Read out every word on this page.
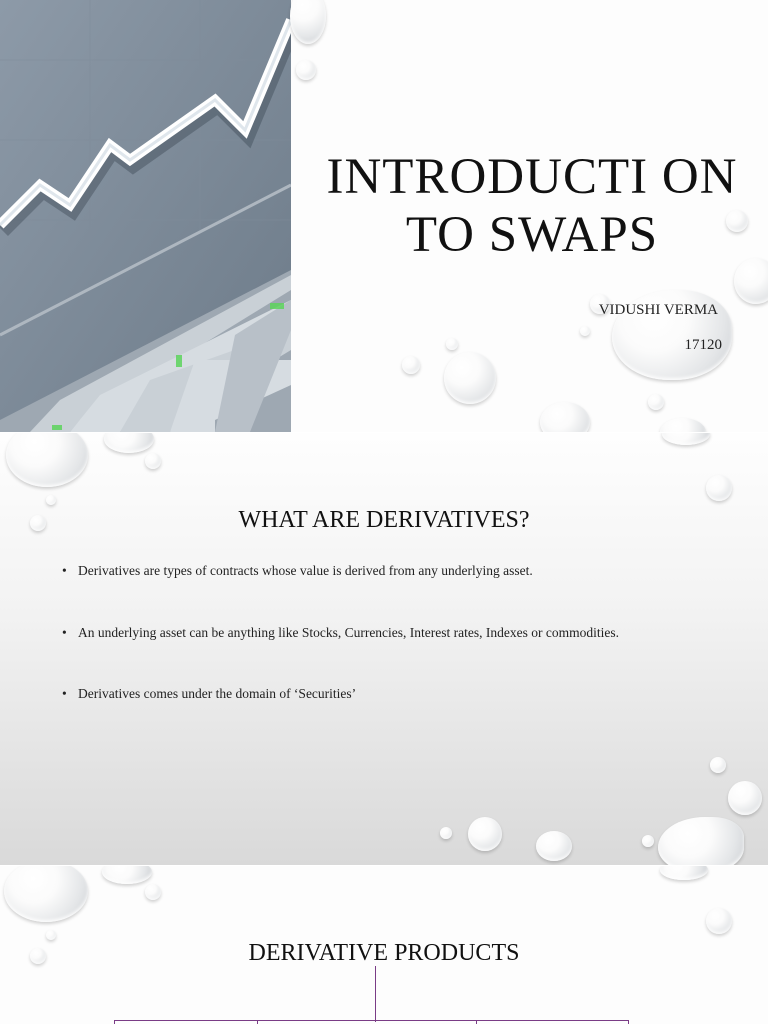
INTRODUCTI ON TO SWAPS
VIDUSHI VERMA
17120
WHAT ARE DERIVATIVES?
• Derivatives are types of contracts whose value is derived from any underlying asset.
• An underlying asset can be anything like Stocks, Currencies, Interest rates, Indexes or commodities.
• Derivatives comes under the domain of ‘Securities’
DERIVATIVE PRODUCTS
